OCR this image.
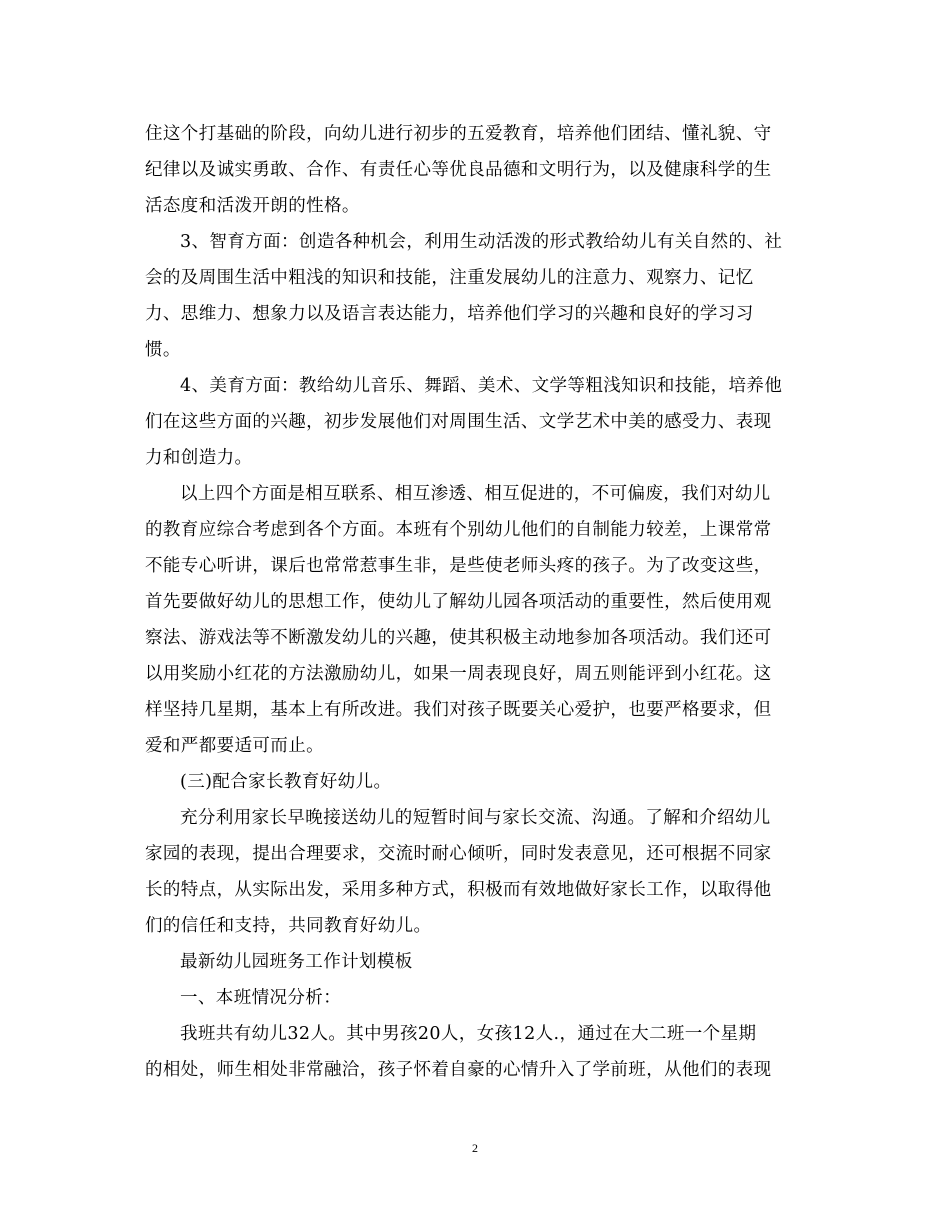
住这个打基础的阶段，向幼儿进行初步的五爱教育，培养他们团结、懂礼貌、守
纪律以及诚实勇敢、合作、有责任心等优良品德和文明行为，以及健康科学的生
活态度和活泼开朗的性格。
3、智育方面：创造各种机会，利用生动活泼的形式教给幼儿有关自然的、社
会的及周围生活中粗浅的知识和技能，注重发展幼儿的注意力、观察力、记忆
力、思维力、想象力以及语言表达能力，培养他们学习的兴趣和良好的学习习
惯。
4、美育方面：教给幼儿音乐、舞蹈、美术、文学等粗浅知识和技能，培养他
们在这些方面的兴趣，初步发展他们对周围生活、文学艺术中美的感受力、表现
力和创造力。
以上四个方面是相互联系、相互渗透、相互促进的，不可偏废，我们对幼儿
的教育应综合考虑到各个方面。本班有个别幼儿他们的自制能力较差，上课常常
不能专心听讲，课后也常常惹事生非，是些使老师头疼的孩子。为了改变这些，
首先要做好幼儿的思想工作，使幼儿了解幼儿园各项活动的重要性，然后使用观
察法、游戏法等不断激发幼儿的兴趣，使其积极主动地参加各项活动。我们还可
以用奖励小红花的方法激励幼儿，如果一周表现良好，周五则能评到小红花。这
样坚持几星期，基本上有所改进。我们对孩子既要关心爱护，也要严格要求，但
爱和严都要适可而止。
(三)配合家长教育好幼儿。
充分利用家长早晚接送幼儿的短暂时间与家长交流、沟通。了解和介绍幼儿
家园的表现，提出合理要求，交流时耐心倾听，同时发表意见，还可根据不同家
长的特点，从实际出发，采用多种方式，积极而有效地做好家长工作，以取得他
们的信任和支持，共同教育好幼儿。
最新幼儿园班务工作计划模板
一、本班情况分析：
我班共有幼儿32人。其中男孩20人，女孩12人.，通过在大二班一个星期
的相处，师生相处非常融洽，孩子怀着自豪的心情升入了学前班，从他们的表现
2
